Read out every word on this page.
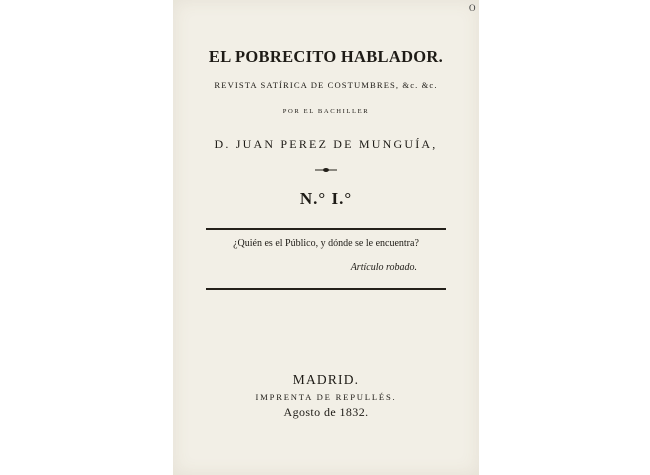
O
EL POBRECITO HABLADOR.
REVISTA SATÍRICA DE COSTUMBRES, &c. &c.
POR EL BACHILLER
D. JUAN PEREZ DE MUNGUÍA,
N.° I.°
¿Quién es el Público, y dónde se le encuentra?
Artículo robado.
MADRID.
IMPRENTA DE REPULLÉS.
Agosto de 1832.
